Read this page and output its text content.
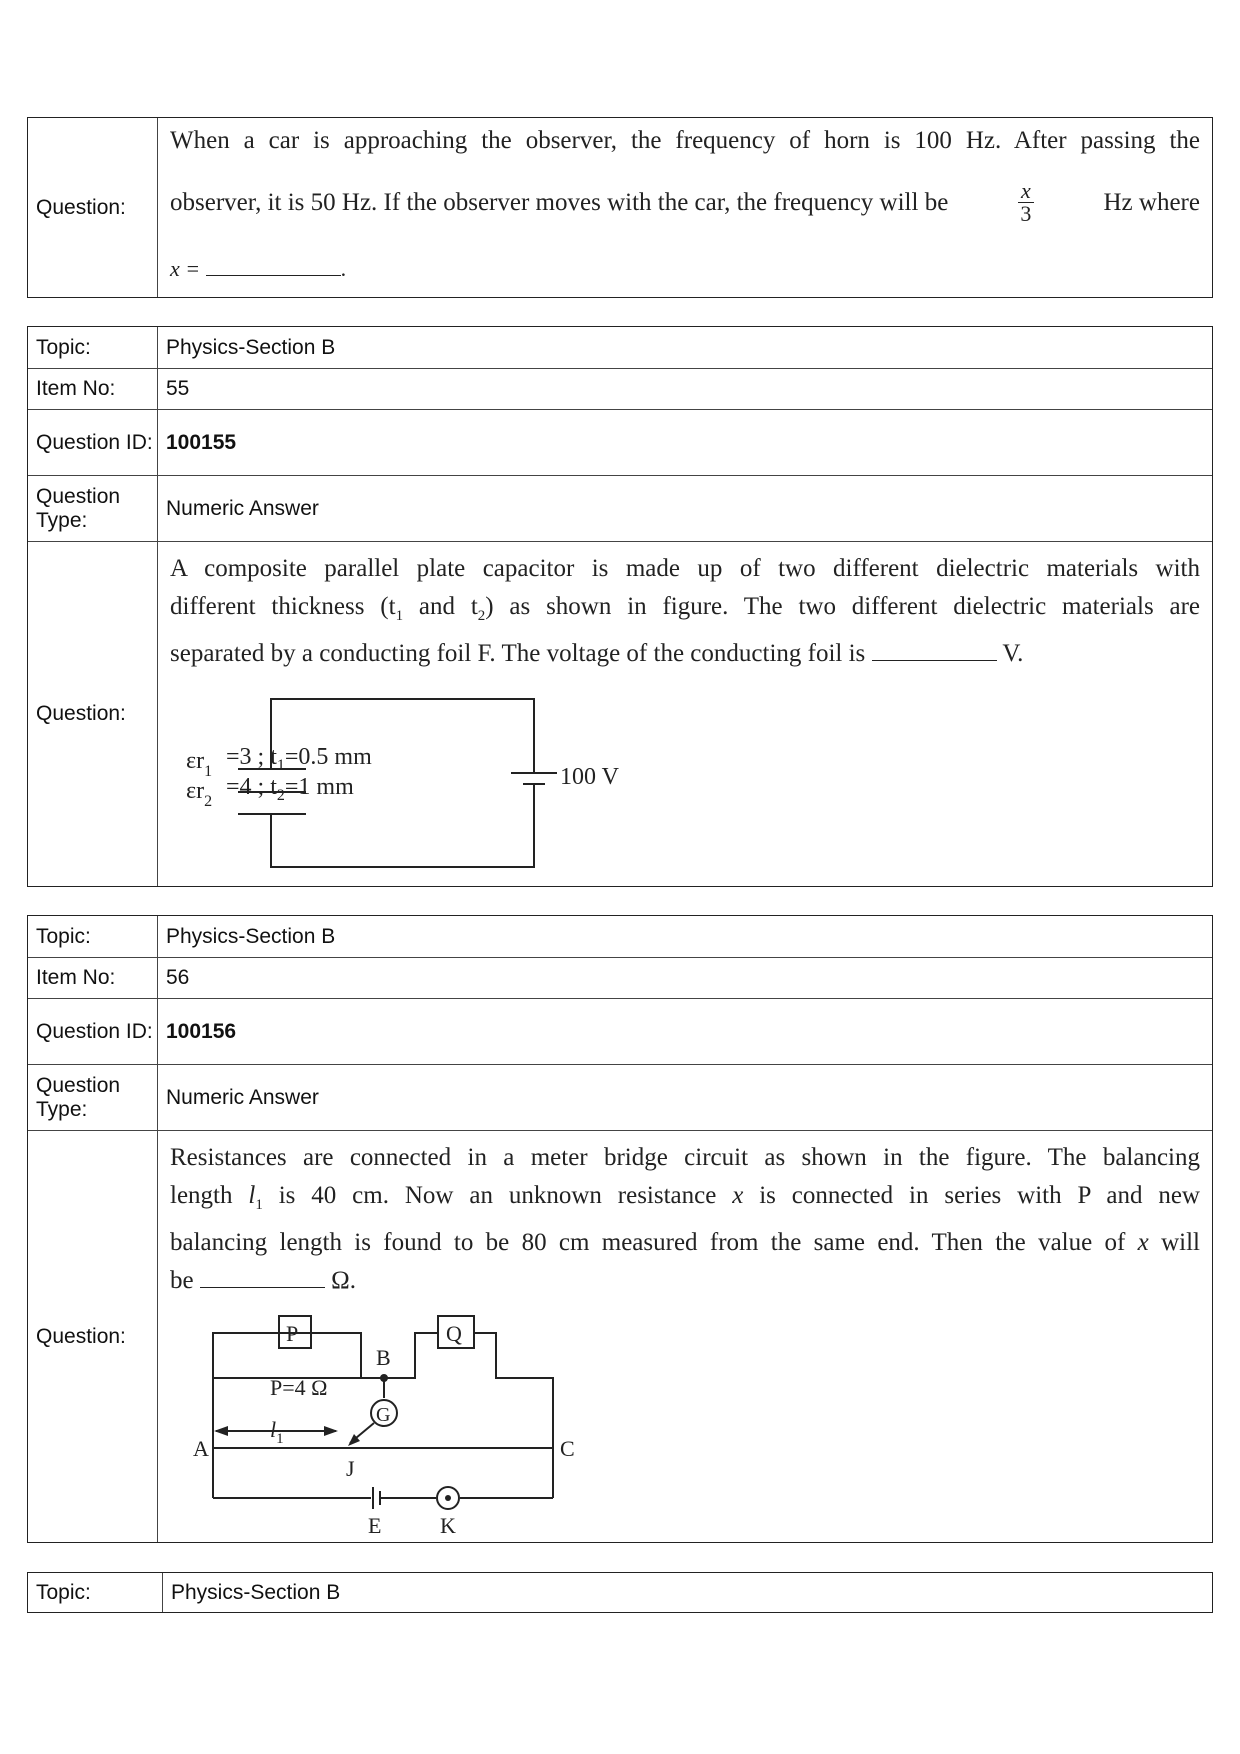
Question:
When a car is approaching the observer, the frequency of horn is 100 Hz. After passing the
observer, it is 50 Hz. If the observer moves with the car, the frequency will be	$\frac{x}{3}$	Hz where
x =	.
Topic:	Physics-Section B
Item No:	55
Question ID: 100155
Question Type:
Numeric Answer
Question:
A composite parallel plate capacitor is made up of two different dielectric materials with
different thickness ($t_1$ and $t_2$) as shown in figure. The two different dielectric materials are
separated by a conducting foil F. The voltage of the conducting foil is	V.
$\varepsilon r_1$
=3 ; $t_1=0.5$ mm
$\varepsilon r_2$
=4 ; $t_2=1$ mm	100 V
Topic:	Physics-Section B
Item No:	56
Question ID: 100156
Question Type:
Numeric Answer
Question:
Resistances are connected in a meter bridge circuit as shown in the figure. The balancing
length $l_1$ is 40 cm. Now an unknown resistance x is connected in series with P and new
balancing length is found to be 80 cm measured from the same end. Then the value of x will
be	Ω.
P	Q
P=4 Ω
B
G
A	C
J
E	K
$l_1$
Topic:	Physics-Section B
